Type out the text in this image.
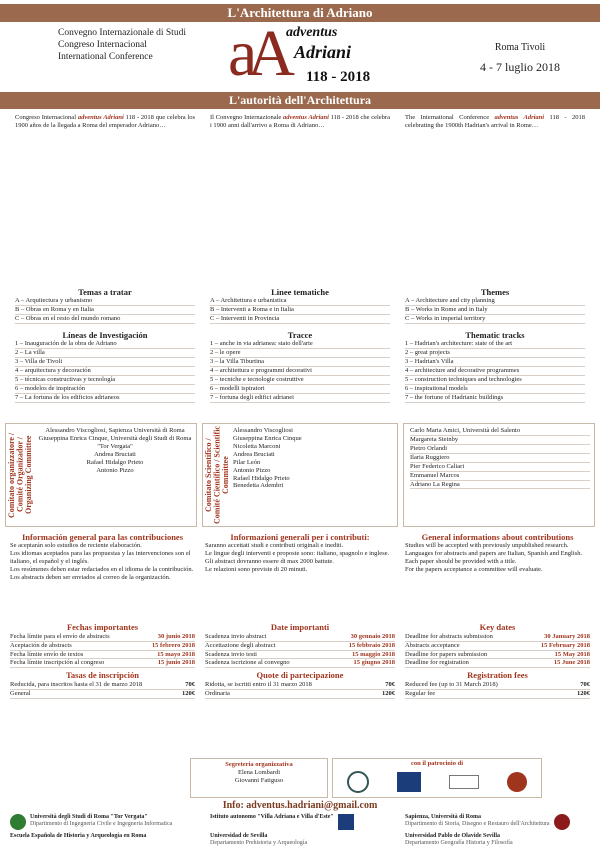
L'Architettura di Adriano
Convegno Internazionale di Studi
Congreso Internacional
International Conference	aA adventus
Adriani
118 - 2018
Roma Tivoli
4 - 7 luglio 2018
L'autorità dell'Architettura
Congreso Internacional adventus Adriani 118 - 2018 que celebra los 1900 años de la llegada a Roma del emperador Adriano…
Il Convegno Internazionale adventus Adriani 118 - 2018 che celebra i 1900 anni dall'arrivo a Roma di Adriano…
The International Conference adventus Adriani 118 - 2018 celebrating the 1900th Hadrian's arrival in Rome…
Temas a tratar
A – Arquitectura y urbanismo
B – Obras en Roma y en Italia
C – Obras en el resto del mundo romano
Linee tematiche
A – Architettura e urbanistica
B – Interventi a Roma e in Italia
C – Interventi in Provincia
Themes
A – Architecture and city planning
B – Works in Rome and in Italy
C – Works in imperial territory
Líneas de Investigación
1 – Inauguración de la obra de Adriano
2 – La villa
3 – Villa de Tivoli
4 – arquitectura y decoración
5 – técnicas constructivas y tecnología
6 – modelos de inspiración
7 – La fortuna de los edificios adrianeos
Tracce
1 – anche in via adrianea: stato dell'arte
2 – le opere
3 – la Villa Tiburtina
4 – architettura e programmi decorativi
5 – tecniche e tecnologie costruttive
6 – modelli ispiratori
7 – fortuna degli edifici adrianei
Thematic tracks
1 – Hadrian's architecture: state of the art
2 – great projects
3 – Hadrian's Villa
4 – architecture and decorative programmes
5 – construction techniques and technologies
6 – inspirational models
7 – the fortune of Hadrianic buildings
Comitato organizzatore / Comité Organizador / Organizing Committee
Alessandro Viscogliosi, Sapienza Università di Roma
Giuseppina Enrica Cinque, Università degli Studi di Roma "Tor Vergata"
Andrea Bruciati
Rafael Hidalgo Prieto
Antonio Pizzo	Comitato Scientifico / Comité Científico / Scientific Committee
Alessandro Viscogliosi
Giuseppina Enrica Cinque
Nicoletta Marconi
Andrea Bruciati
Pilar León
Antonio Pizzo
Rafael Hidalgo Prieto
Benedetta Adembri
Carlo Maria Amici, Università del Salento
Margareta Steinby
Pietro Orlandi
Ilaria Ruggiero
Pier Federico Caliari
Emmanuel Marcos
Adriano La Regina
Información general para las contribuciones
Se aceptarán solo estudios de reciente elaboración.
Los idiomas aceptados para las propuestas y las intervenciones son el italiano, el español y el inglés.
Los resúmenes deben estar redactados en el idioma de la contribución.
Los abstracts deben ser enviados al correo de la organización.
Fechas importantes
Fecha límite para el envío de abstracts	30 junio 2018
Aceptación de abstracts	15 febrero 2018
Fecha límite envío de textos	15 mayo 2018
Fecha límite inscripción al congreso	15 junio 2018
Tasas de inscripción
Reducida, para inscritos hasta el 31 de marzo 2018	70€
General	120€
Informazioni generali per i contributi:
Saranno accettati studi e contributi originali e inediti.
Le lingue degli interventi e proposte sono: italiano, spagnolo e inglese.
Gli abstract dovranno essere di max 2000 battute.
Le relazioni sono previste di 20 minuti.
Date importanti
Scadenza invio abstract	30 gennaio 2018
Accettazione degli abstract	15 febbraio 2018
Scadenza invio testi	15 maggio 2018
Scadenza iscrizione al convegno	15 giugno 2018
Quote di partecipazione
Ridotta, se iscritti entro il 31 marzo 2018	70€
Ordinaria	120€
General informations about contributions
Studies will be accepted with previously unpublished research.
Languages for abstracts and papers are Italian, Spanish and English.
Each paper should be provided with a title.
For the papers acceptance a committee will evaluate.
Key dates
Deadline for abstracts submission	30 January 2018
Abstracts acceptance	15 February 2018
Deadline for papers submission	15 May 2018
Deadline for registration	15 June 2018
Registration fees
Reduced fee (up to 31 March 2018)	70€
Regular fee	120€
Segreteria organizzativa
Elena Lombardi
Giovanni Fatiguso
con il patrocinio di
Info: adventus.hadriani@gmail.com
Università degli Studi di Roma "Tor Vergata"
Dipartimento di Ingegneria Civile e Ingegneria Informatica
Istituto autonomo "Villa Adriana e Villa d'Este"	Sapienza, Università di Roma
Dipartimento di Storia, Disegno e Restauro dell'Architettura
Escuela Española de Historia y Arqueología en Roma	Universidad de Sevilla
Departamento Prehistoria y Arqueología
Universidad Pablo de Olavide Sevilla
Departamento Geografía Historia y Filosofía
